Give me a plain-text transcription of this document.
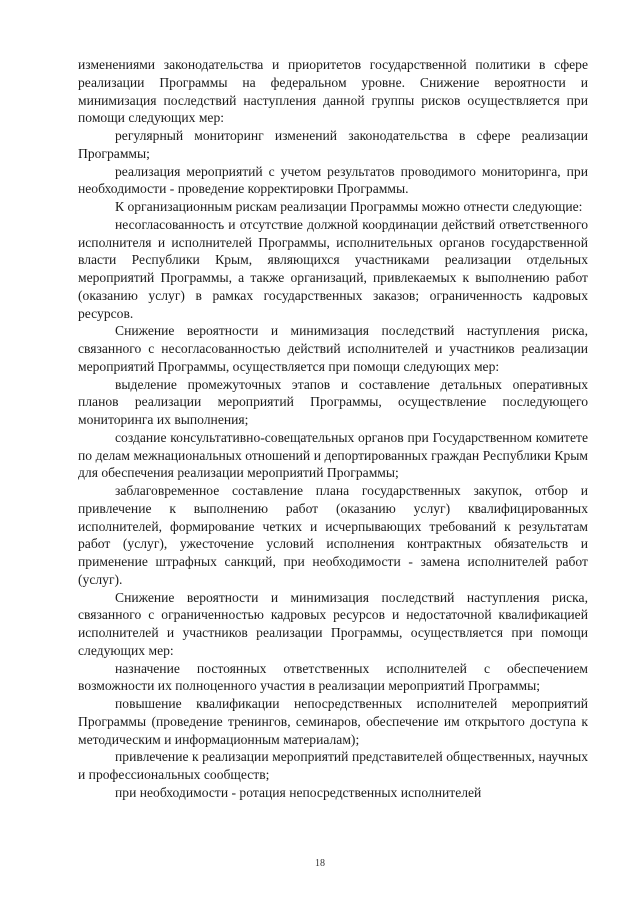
изменениями законодательства и приоритетов государственной политики в сфере реализации Программы на федеральном уровне. Снижение вероятности и минимизация последствий наступления данной группы рисков осуществляется при помощи следующих мер:

регулярный мониторинг изменений законодательства в сфере реализации Программы;

реализация мероприятий с учетом результатов проводимого мониторинга, при необходимости - проведение корректировки Программы.

К организационным рискам реализации Программы можно отнести следующие:

несогласованность и отсутствие должной координации действий ответственного исполнителя и исполнителей Программы, исполнительных органов государственной власти Республики Крым, являющихся участниками реализации отдельных мероприятий Программы, а также организаций, привлекаемых к выполнению работ (оказанию услуг) в рамках государственных заказов; ограниченность кадровых ресурсов.

Снижение вероятности и минимизация последствий наступления риска, связанного с несогласованностью действий исполнителей и участников реализации мероприятий Программы, осуществляется при помощи следующих мер:

выделение промежуточных этапов и составление детальных оперативных планов реализации мероприятий Программы, осуществление последующего мониторинга их выполнения;

создание консультативно-совещательных органов при Государственном комитете по делам межнациональных отношений и депортированных граждан Республики Крым для обеспечения реализации мероприятий Программы;

заблаговременное составление плана государственных закупок, отбор и привлечение к выполнению работ (оказанию услуг) квалифицированных исполнителей, формирование четких и исчерпывающих требований к результатам работ (услуг), ужесточение условий исполнения контрактных обязательств и применение штрафных санкций, при необходимости - замена исполнителей работ (услуг).

Снижение вероятности и минимизация последствий наступления риска, связанного с ограниченностью кадровых ресурсов и недостаточной квалификацией исполнителей и участников реализации Программы, осуществляется при помощи следующих мер:

назначение постоянных ответственных исполнителей с обеспечением возможности их полноценного участия в реализации мероприятий Программы;

повышение квалификации непосредственных исполнителей мероприятий Программы (проведение тренингов, семинаров, обеспечение им открытого доступа к методическим и информационным материалам);

привлечение к реализации мероприятий представителей общественных, научных и профессиональных сообществ;

при необходимости - ротация непосредственных исполнителей

18
